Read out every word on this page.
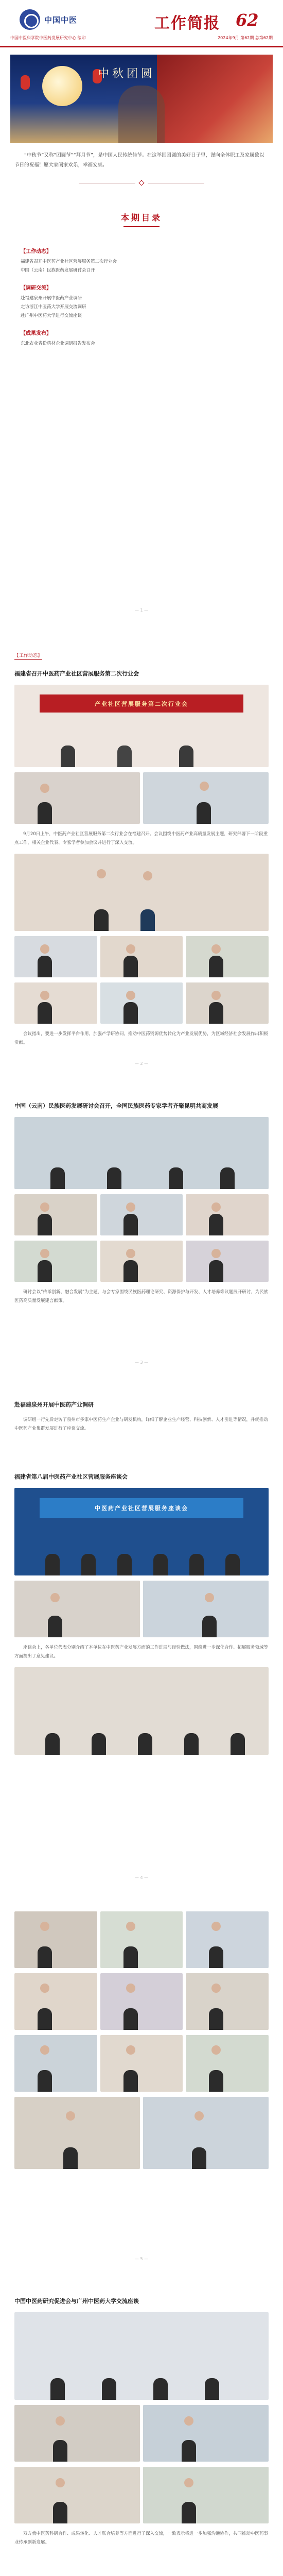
中国中医	工作简报 62
中国中医科学院中医药发展研究中心 编印	2024年9月 第62期 总第62期
中秋团圆

“中秋节”又称“团圆节”“拜月节”，是中国人民传统佳节。在这举国团圆的美好日子里，谨向全体职工及家属致以节日的祝福！愿大家阖家欢乐，幸福安康。

本期目录
【工作动态】
福建省召开中医药产业社区营展服务第二次行业会
中国（云南）民族医药发展研讨会召开
【调研交流】
赴福建泉州开展中医药产业调研
走访浙江中医药大学开展交流调研
赴广州中医药大学进行交流座谈
【成果发布】
东北农业省份药材企业调研报告发布会
— 1 —
【工作动态】
福建省召开中医药产业社区营展服务第二次行业会
产业社区营展服务第二次行业会

9月20日上午，中医药产业社区营展服务第二次行业会在福建召开。会议围绕中医药产业高质量发展主题，研究部署下一阶段重点工作，相关企业代表、专家学者参加会议并进行了深入交流。

会议指出，要进一步发挥平台作用，加强产学研协同，推动中医药资源优势转化为产业发展优势，为区域经济社会发展作出积极贡献。

— 2 —
中国（云南）民族医药发展研讨会召开，全国民族医药专家学者齐聚昆明共商发展

研讨会以“传承创新、融合发展”为主题，与会专家围绕民族医药理论研究、资源保护与开发、人才培养等议题展开研讨，为民族医药高质量发展建言献策。

— 3 —
赴福建泉州开展中医药产业调研

调研组一行先后走访了泉州市多家中医药生产企业与研发机构，详细了解企业生产经营、科技创新、人才引进等情况，并就推动中医药产业集群发展进行了座谈交流。

福建省第八届中医药产业社区营展服务座谈会
中医药产业社区营展服务座谈会

座谈会上，各单位代表分别介绍了本单位在中医药产业发展方面的工作进展与经验做法，围绕进一步深化合作、拓展服务领域等方面提出了意见建议。

— 4 —
— 5 —
中国中医药研究促进会与广州中医药大学交流座谈

双方就中医药科研合作、成果转化、人才联合培养等方面进行了深入交流，一致表示将进一步加强沟通协作，共同推动中医药事业传承创新发展。
